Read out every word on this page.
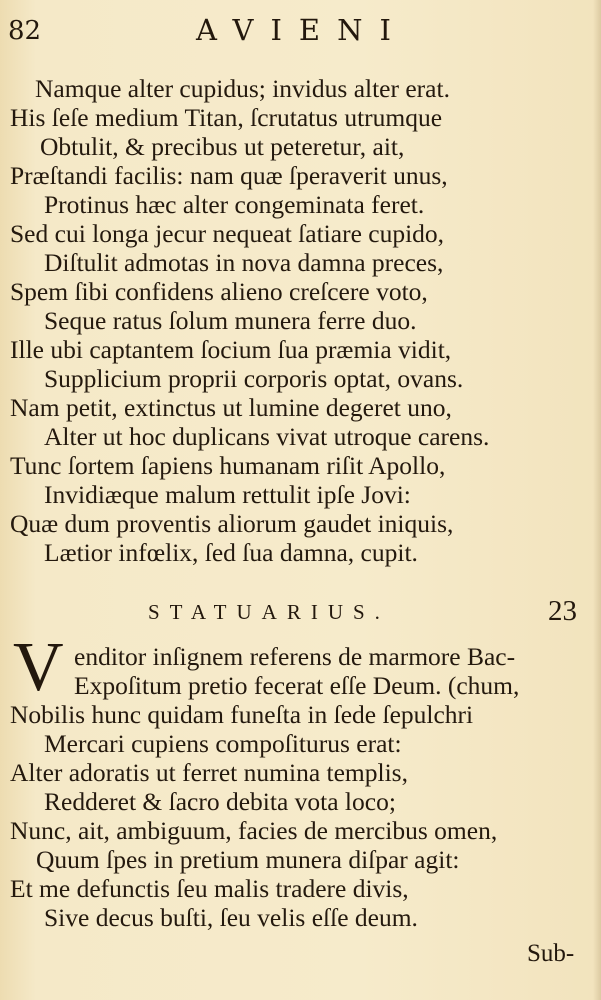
82	AVIENI
Namque alter cupidus; invidus alter erat.
His ſeſe medium Titan, ſcrutatus utrumque
Obtulit, & precibus ut peteretur, ait,
Præſtandi facilis: nam quæ ſperaverit unus,
Protinus hæc alter congeminata feret.
Sed cui longa jecur nequeat ſatiare cupido,
Diſtulit admotas in nova damna preces,
Spem ſibi confidens alieno creſcere voto,
Seque ratus ſolum munera ferre duo.
Ille ubi captantem ſocium ſua præmia vidit,
Supplicium proprii corporis optat, ovans.
Nam petit, extinctus ut lumine degeret uno,
Alter ut hoc duplicans vivat utroque carens.
Tunc ſortem ſapiens humanam riſit Apollo,
Invidiæque malum rettulit ipſe Jovi:
Quæ dum proventis aliorum gaudet iniquis,
Lætior infœlix, ſed ſua damna, cupit.
STATUARIUS.	23
V enditor inſignem referens de marmore Bac-
Expoſitum pretio fecerat eſſe Deum. (chum,
Nobilis hunc quidam funeſta in ſede ſepulchri
Mercari cupiens compoſiturus erat:
Alter adoratis ut ferret numina templis,
Redderet & ſacro debita vota loco;
Nunc, ait, ambiguum, facies de mercibus omen,
Quum ſpes in pretium munera diſpar agit:
Et me defunctis ſeu malis tradere divis,
Sive decus buſti, ſeu velis eſſe deum.
Sub-
